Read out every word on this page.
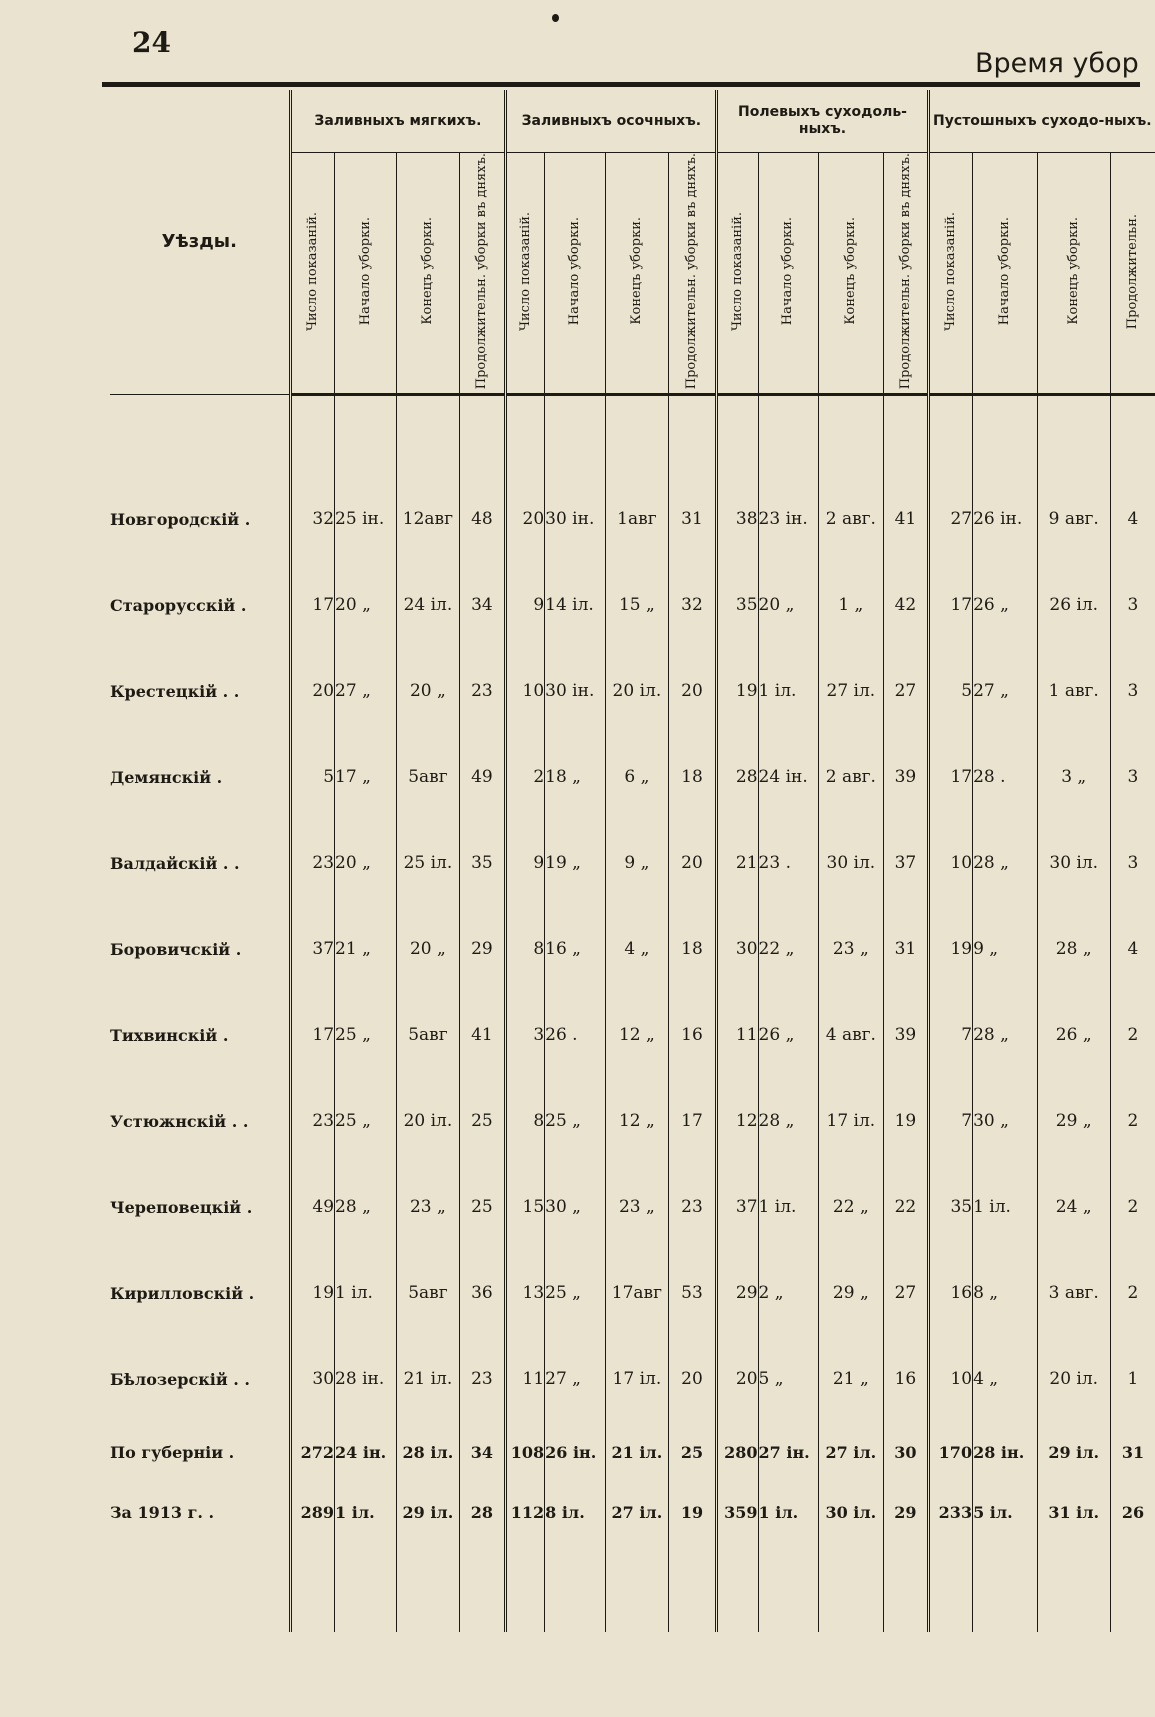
24
Время убор
Уѣзды.	Заливныхъ мягкихъ.				Заливныхъ осочныхъ.				Полевыхъ суходоль-ныхъ.				Пустошныхъ суходо-ныхъ.			
	Число показаній.	Начало уборки.	Конецъ уборки.	Продолжительн. уборки въ дняхъ.	Число показаній.	Начало уборки.	Конецъ уборки.	Продолжительн. уборки въ дняхъ.	Число показаній.	Начало уборки.	Конецъ уборки.	Продолжительн. уборки въ дняхъ.	Число показаній.	Начало уборки.	Конецъ уборки.	Продолжительн.

Новгородскій .	32	25 ін.	12авг	48	20	30 ін.	1авг	31	38	23 ін.	2 авг.	41	27	26 ін.	9 авг.	4
Старорусскій .	17	20 „	24 іл.	34	9	14 іл.	15 „	32	35	20 „	1 „	42	17	26 „	26 іл.	3
Крестецкій . .	20	27 „	20 „	23	10	30 ін.	20 іл.	20	19	1 іл.	27 іл.	27	5	27 „	1 авг.	3
Демянскій .	5	17 „	5авг	49	2	18 „	6 „	18	28	24 ін.	2 авг.	39	17	28 .	3 „	3
Валдайскій . .	23	20 „	25 іл.	35	9	19 „	9 „	20	21	23 .	30 іл.	37	10	28 „	30 іл.	3
Боровичскій .	37	21 „	20 „	29	8	16 „	4 „	18	30	22 „	23 „	31	19	9 „	28 „	4
Тихвинскій .	17	25 „	5авг	41	3	26 .	12 „	16	11	26 „	4 авг.	39	7	28 „	26 „	2
Устюжнскій . .	23	25 „	20 іл.	25	8	25 „	12 „	17	12	28 „	17 іл.	19	7	30 „	29 „	2
Череповецкій .	49	28 „	23 „	25	15	30 „	23 „	23	37	1 іл.	22 „	22	35	1 іл.	24 „	2
Кирилловскій .	19	1 іл.	5авг	36	13	25 „	17авг	53	29	2 „	29 „	27	16	8 „	3 авг.	2
Бѣлозерскій . .	30	28 ін.	21 іл.	23	11	27 „	17 іл.	20	20	5 „	21 „	16	10	4 „	20 іл.	1
По губерніи .	272	24 ін.	28 іл.	34	108	26 ін.	21 іл.	25	280	27 ін.	27 іл.	30	170	28 ін.	29 іл.	31
За 1913 г. .	289	1 іл.	29 іл.	28	112	8 іл.	27 іл.	19	359	1 іл.	30 іл.	29	233	5 іл.	31 іл.	26
